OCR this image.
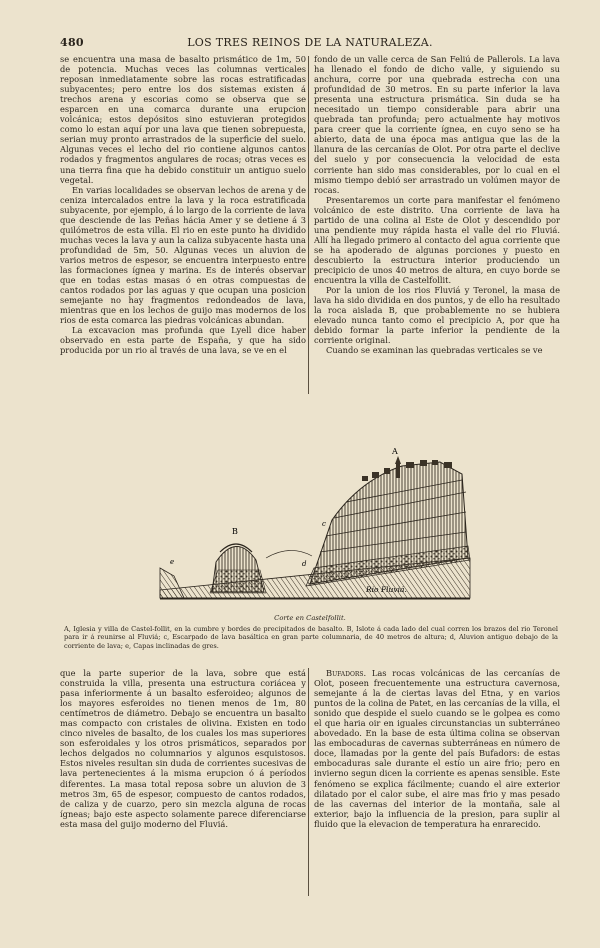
480	LOS TRES REINOS DE LA NATURALEZA.

se encuentra una masa de basalto prismático de 1m, 50 de potencia. Muchas veces las columnas verticales reposan inmediatamente sobre las rocas estratificadas subyacentes; pero entre los dos sistemas existen á trechos arena y escorias como se observa que se esparcen en una comarca durante una erupcion volcánica; estos depósitos sino estuvieran protegidos como lo estan aquí por una lava que tienen sobrepuesta, serian muy pronto arrastrados de la superficie del suelo. Algunas veces el lecho del rio contiene algunos cantos rodados y fragmentos angulares de rocas; otras veces es una tierra fina que ha debido constituir un antiguo suelo vegetal.

En varias localidades se observan lechos de arena y de ceniza intercalados entre la lava y la roca estratificada subyacente, por ejemplo, á lo largo de la corriente de lava que desciende de las Peñas hácia Amer y se detiene á 3 quilómetros de esta villa. El rio en este punto ha dividido muchas veces la lava y aun la caliza subyacente hasta una profundidad de 5m, 50. Algunas veces un aluvion de varios metros de espesor, se encuentra interpuesto entre las formaciones ígnea y marina. Es de interés observar que en todas estas masas ó en otras compuestas de cantos rodados por las aguas y que ocupan una posicion semejante no hay fragmentos redondeados de lava, mientras que en los lechos de guijo mas modernos de los rios de esta comarca las piedras volcánicas abundan.

La excavacion mas profunda que Lyell dice haber observado en esta parte de España, y que ha sido producida por un rio al través de una lava, se ve en el

fondo de un valle cerca de San Feliú de Pallerols. La lava ha llenado el fondo de dicho valle, y siguiendo su anchura, corre por una quebrada estrecha con una profundidad de 30 metros. En su parte inferior la lava presenta una estructura prismática. Sin duda se ha necesitado un tiempo considerable para abrir una quebrada tan profunda; pero actualmente hay motivos para creer que la corriente ígnea, en cuyo seno se ha abierto, data de una época mas antigua que las de la llanura de las cercanías de Olot. Por otra parte el declive del suelo y por consecuencia la velocidad de esta corriente han sido mas considerables, por lo cual en el mismo tiempo debió ser arrastrado un volúmen mayor de rocas.

Presentaremos un corte para manifestar el fenómeno volcánico de este distrito. Una corriente de lava ha partido de una colina al Este de Olot y descendido por una pendiente muy rápida hasta el valle del rio Fluviá. Allí ha llegado primero al contacto del agua corriente que se ha apoderado de algunas porciones y puesto en descubierto la estructura interior produciendo un precipicio de unos 40 metros de altura, en cuyo borde se encuentra la villa de Castelfollit.

Por la union de los rios Fluviá y Teronel, la masa de lava ha sido dividida en dos puntos, y de ello ha resultado la roca aislada B, que probablemente no se hubiera elevado nunca tanto como el precipicio A, por que ha debido formar la parte inferior la pendiente de la corriente original.

Cuando se examinan las quebradas verticales se ve

A
B
c
d
e
Rio Fluviá.
Corte en Castelfollit.
A, Iglesia y villa de Castel-follit, en la cumbre y bordes de precipitados de basalto. B, Islote á cada lado del cual corren los brazos del rio Teronel para ir á reunirse al Fluviá; c, Escarpado de lava basáltica en gran parte columnaria, de 40 metros de altura; d, Aluvion antiguo debajo de la corriente de lava; e, Capas inclinadas de gres.

que la parte superior de la lava, sobre que está construida la villa, presenta una estructura coriácea y pasa inferiormente á un basalto esferoideo; algunos de los mayores esferoides no tienen menos de 1m, 80 centímetros de diámetro. Debajo se encuentra un basalto mas compacto con cristales de olivina. Existen en todo cinco niveles de basalto, de los cuales los mas superiores son esferoidales y los otros prismáticos, separados por lechos delgados no columnarios y algunos esquistosos. Estos niveles resultan sin duda de corrientes sucesivas de lava pertenecientes á la misma erupcion ó á períodos diferentes. La masa total reposa sobre un aluvion de 3 metros 3m, 65 de espesor, compuesto de cantos rodados, de caliza y de cuarzo, pero sin mezcla alguna de rocas ígneas; bajo este aspecto solamente parece diferenciarse esta masa del guijo moderno del Fluviá.

Bufadors. Las rocas volcánicas de las cercanías de Olot, poseen frecuentemente una estructura cavernosa, semejante á la de ciertas lavas del Etna, y en varios puntos de la colina de Patet, en las cercanías de la villa, el sonido que despide el suelo cuando se le golpea es como el que haria oir en iguales circunstancias un subterráneo abovedado. En la base de esta última colina se observan las embocaduras de cavernas subterráneas en número de doce, llamadas por la gente del país Bufadors: de estas embocaduras sale durante el estío un aire frio; pero en invierno segun dicen la corriente es apenas sensible. Este fenómeno se explica fácilmente; cuando el aire exterior dilatado por el calor sube, el aire mas frio y mas pesado de las cavernas del interior de la montaña, sale al exterior, bajo la influencia de la presion, para suplir al fluido que la elevacion de temperatura ha enrarecido.
